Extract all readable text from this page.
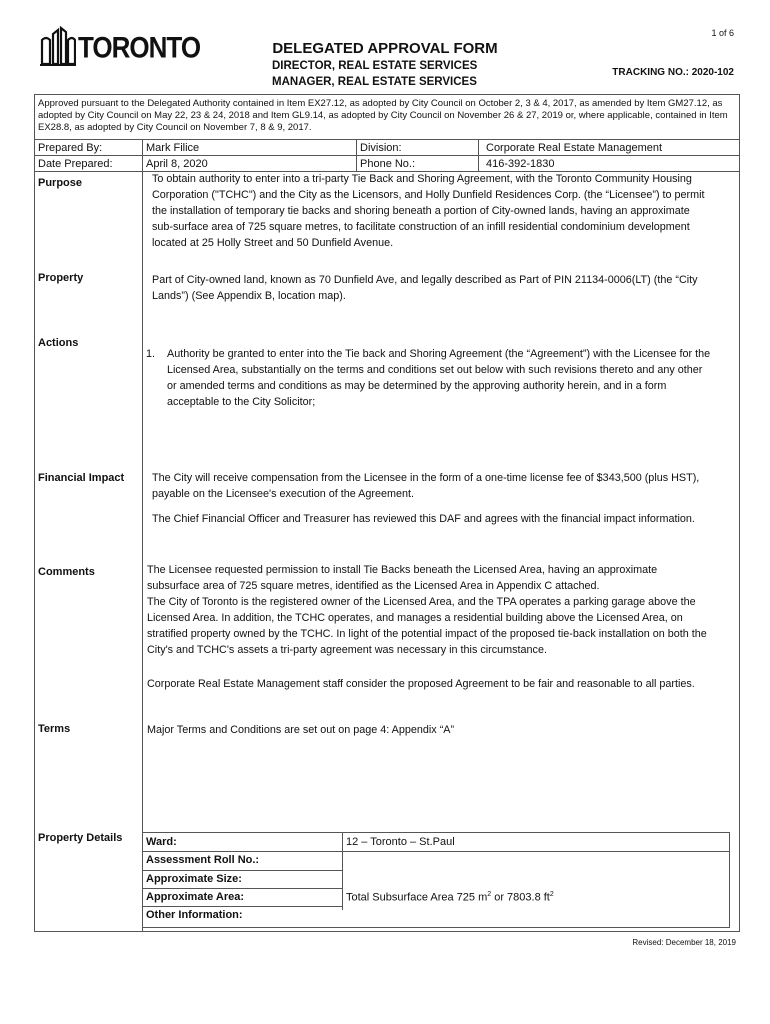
1 of 6
TORONTO	DELEGATED APPROVAL FORM
DIRECTOR, REAL ESTATE SERVICES
MANAGER, REAL ESTATE SERVICES
TRACKING NO.: 2020-102
Approved pursuant to the Delegated Authority contained in Item EX27.12, as adopted by City Council on October 2, 3 & 4, 2017, as amended by Item GM27.12, as adopted by City Council on May 22, 23 & 24, 2018 and Item GL9.14, as adopted by City Council on November 26 & 27, 2019 or, where applicable, contained in Item EX28.8, as adopted by City Council on November 7, 8 & 9, 2017.
Prepared By:	Mark Filice	Division:	Corporate Real Estate Management
Date Prepared:	April 8, 2020	Phone No.:	416-392-1830
Purpose	To obtain authority to enter into a tri-party Tie Back and Shoring Agreement, with the Toronto Community Housing
Corporation ("TCHC") and the City as the Licensors, and Holly Dunfield Residences Corp. (the “Licensee”) to permit
the installation of temporary tie backs and shoring beneath a portion of City-owned lands, having an approximate
sub-surface area of 725 square metres, to facilitate construction of an infill residential condominium development
located at 25 Holly Street and 50 Dunfield Avenue.
Property	Part of City-owned land, known as 70 Dunfield Ave, and legally described as Part of PIN 21134-0006(LT) (the “City
Lands”) (See Appendix B, location map).
Actions
1. Authority be granted to enter into the Tie back and Shoring Agreement (the “Agreement”) with the Licensee for the
Licensed Area, substantially on the terms and conditions set out below with such revisions thereto and any other
or amended terms and conditions as may be determined by the approving authority herein, and in a form
acceptable to the City Solicitor;
Financial Impact	The City will receive compensation from the Licensee in the form of a one-time license fee of $343,500 (plus HST),
payable on the Licensee's execution of the Agreement.
The Chief Financial Officer and Treasurer has reviewed this DAF and agrees with the financial impact information.
Comments	The Licensee requested permission to install Tie Backs beneath the Licensed Area, having an approximate
subsurface area of 725 square metres, identified as the Licensed Area in Appendix C attached.
The City of Toronto is the registered owner of the Licensed Area, and the TPA operates a parking garage above the
Licensed Area. In addition, the TCHC operates, and manages a residential building above the Licensed Area, on
stratified property owned by the TCHC. In light of the potential impact of the proposed tie-back installation on both the
City's and TCHC's assets a tri-party agreement was necessary in this circumstance.
Corporate Real Estate Management staff consider the proposed Agreement to be fair and reasonable to all parties.
Terms	Major Terms and Conditions are set out on page 4: Appendix “A”
Property Details Ward:	12 – Toronto – St.Paul
Assessment Roll No.:
Approximate Size:
Approximate Area:	Total Subsurface Area 725 $m^2$ or 7803.8 $ft^2$
Other Information:
Revised: December 18, 2019
